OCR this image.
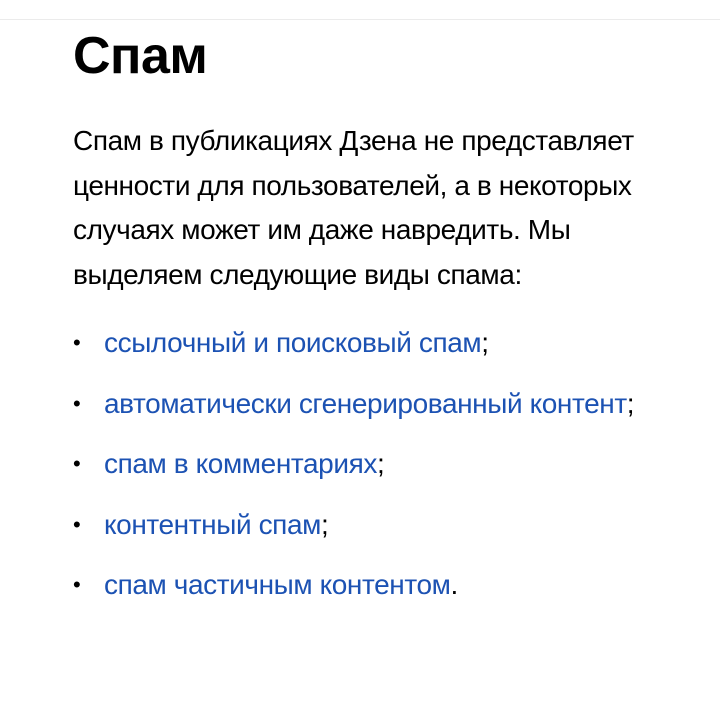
Спам

Спам в публикациях Дзена не представляет ценности для пользователей, а в некоторых случаях может им даже навредить. Мы выделяем следующие виды спама:

• ссылочный и поисковый спам;
• автоматически сгенерированный контент;
• спам в комментариях;
• контентный спам;
• спам частичным контентом.
